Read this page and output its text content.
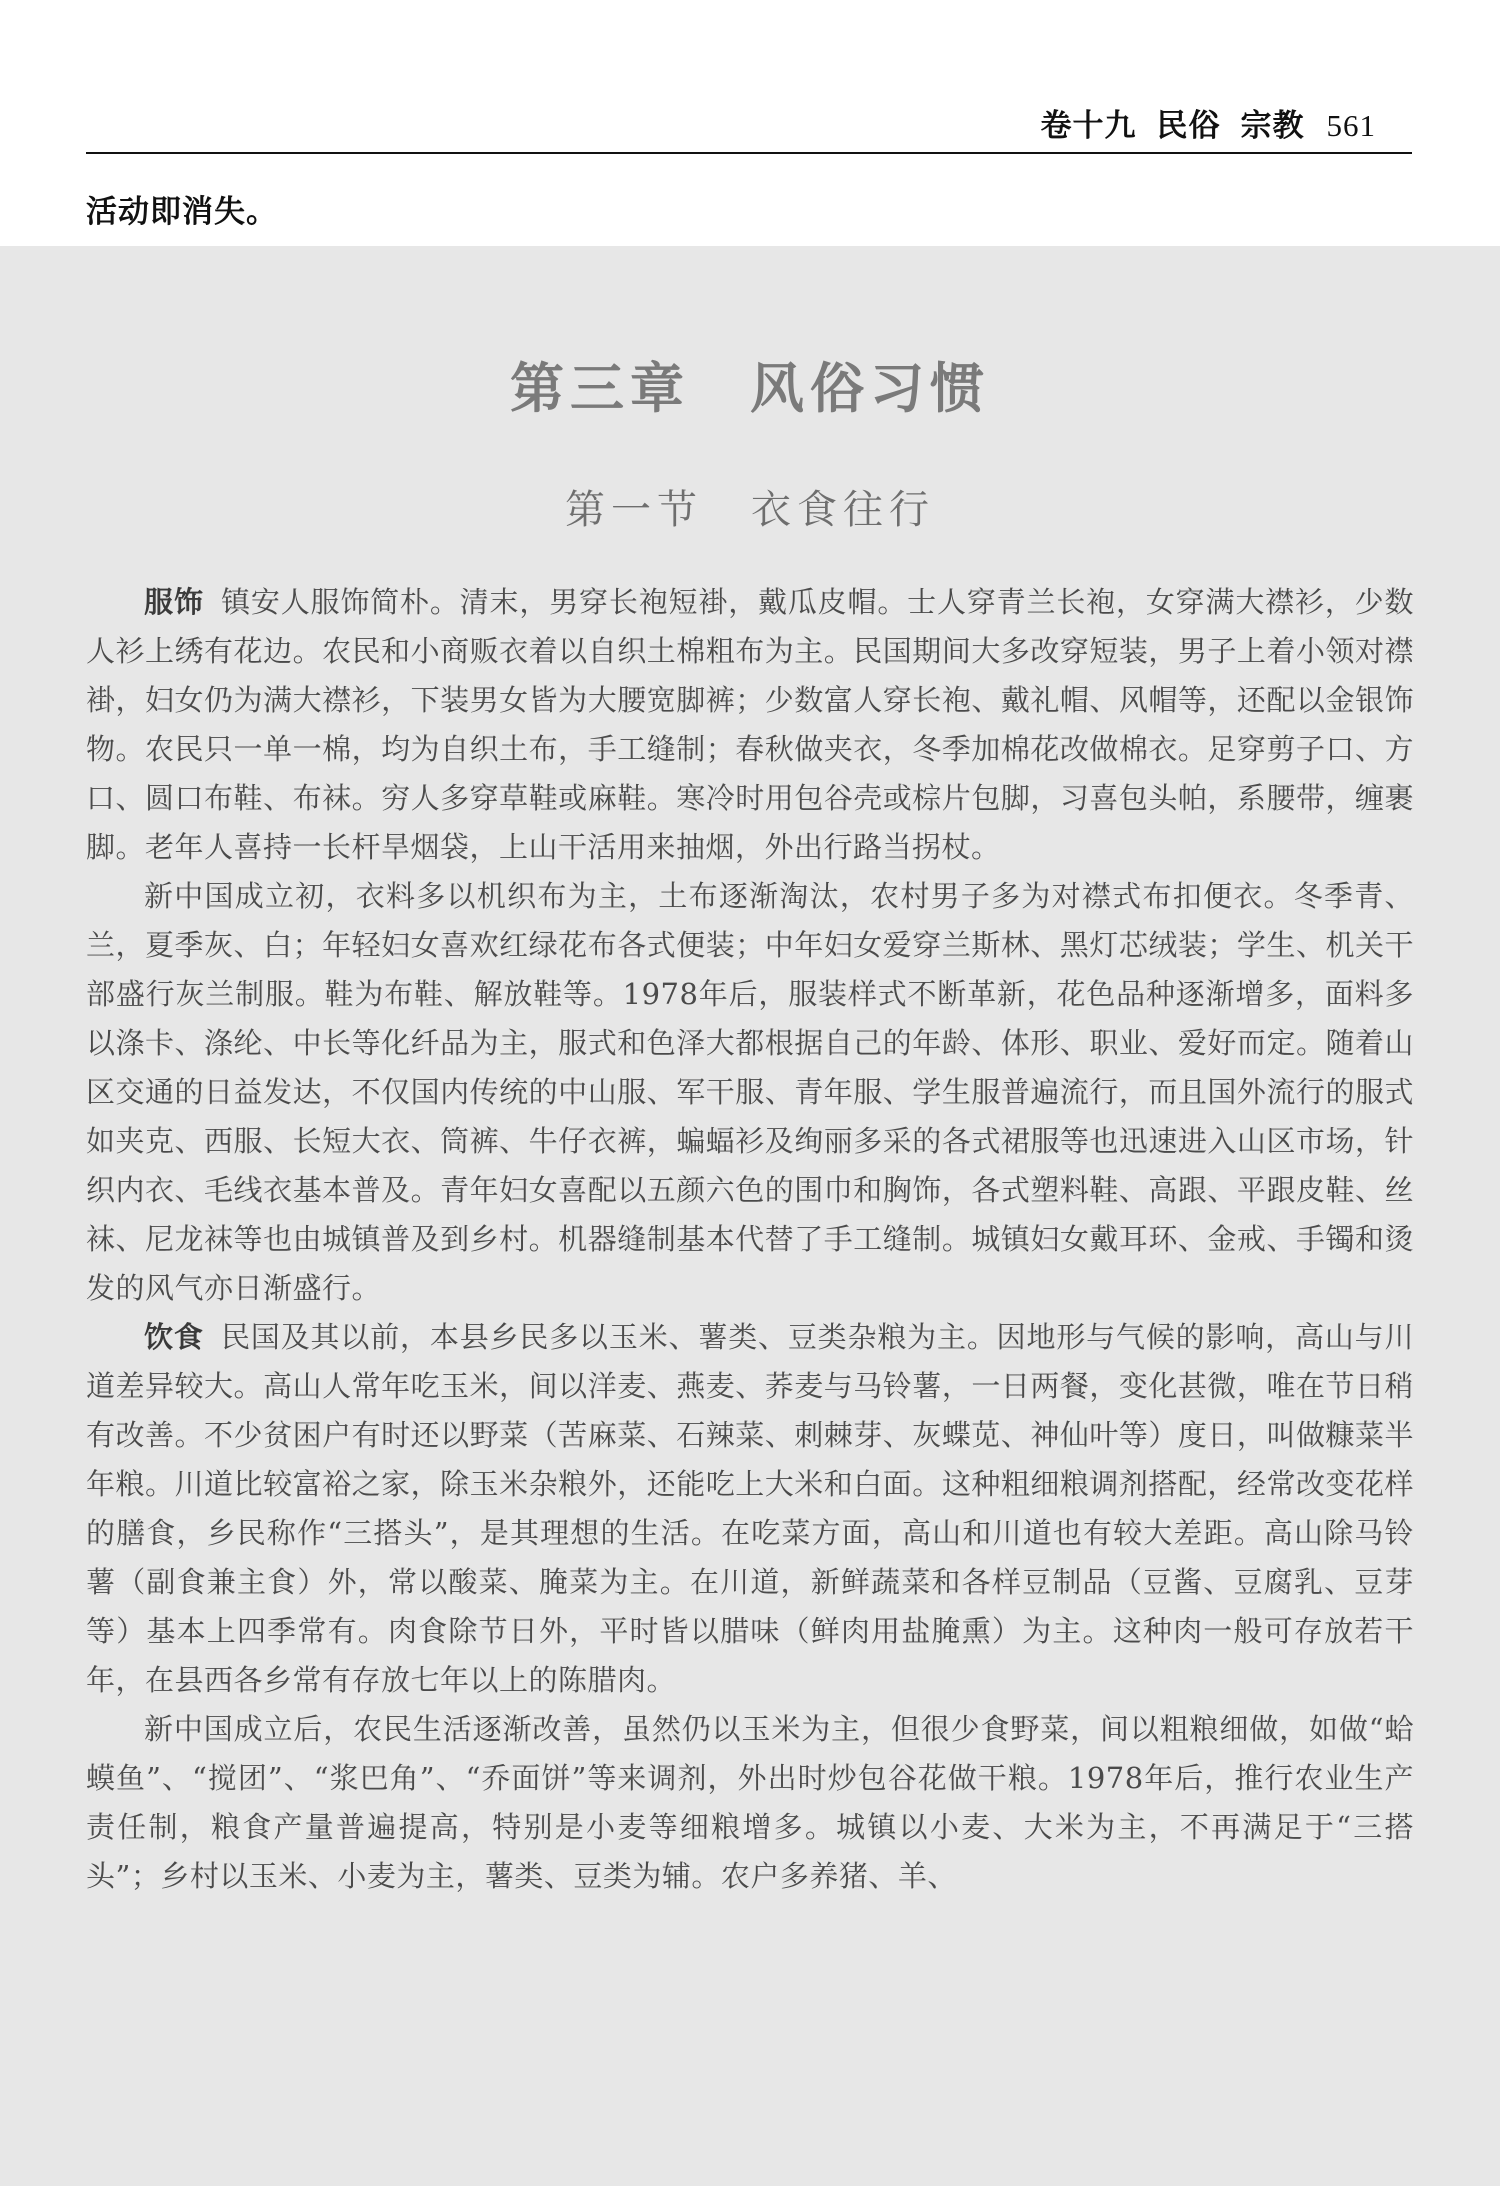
卷十九 民俗 宗教 561
活动即消失。
第三章 风俗习惯
第一节 衣食往行

服饰 镇安人服饰简朴。清末，男穿长袍短褂，戴瓜皮帽。士人穿青兰长袍，女穿满大襟衫，少数人衫上绣有花边。农民和小商贩衣着以自织土棉粗布为主。民国期间大多改穿短装，男子上着小领对襟褂，妇女仍为满大襟衫，下装男女皆为大腰宽脚裤；少数富人穿长袍、戴礼帽、风帽等，还配以金银饰物。农民只一单一棉，均为自织土布，手工缝制；春秋做夹衣，冬季加棉花改做棉衣。足穿剪子口、方口、圆口布鞋、布袜。穷人多穿草鞋或麻鞋。寒冷时用包谷壳或棕片包脚，习喜包头帕，系腰带，缠裹脚。老年人喜持一长杆旱烟袋，上山干活用来抽烟，外出行路当拐杖。

新中国成立初，衣料多以机织布为主，土布逐渐淘汰，农村男子多为对襟式布扣便衣。冬季青、兰，夏季灰、白；年轻妇女喜欢红绿花布各式便装；中年妇女爱穿兰斯林、黑灯芯绒装；学生、机关干部盛行灰兰制服。鞋为布鞋、解放鞋等。1978年后，服装样式不断革新，花色品种逐渐增多，面料多以涤卡、涤纶、中长等化纤品为主，服式和色泽大都根据自己的年龄、体形、职业、爱好而定。随着山区交通的日益发达，不仅国内传统的中山服、军干服、青年服、学生服普遍流行，而且国外流行的服式如夹克、西服、长短大衣、筒裤、牛仔衣裤，蝙蝠衫及绚丽多采的各式裙服等也迅速进入山区市场，针织内衣、毛线衣基本普及。青年妇女喜配以五颜六色的围巾和胸饰，各式塑料鞋、高跟、平跟皮鞋、丝袜、尼龙袜等也由城镇普及到乡村。机器缝制基本代替了手工缝制。城镇妇女戴耳环、金戒、手镯和烫发的风气亦日渐盛行。

饮食 民国及其以前，本县乡民多以玉米、薯类、豆类杂粮为主。因地形与气候的影响，高山与川道差异较大。高山人常年吃玉米，间以洋麦、燕麦、荞麦与马铃薯，一日两餐，变化甚微，唯在节日稍有改善。不少贫困户有时还以野菜（苦麻菜、石辣菜、刺棘芽、灰蝶苋、神仙叶等）度日，叫做糠菜半年粮。川道比较富裕之家，除玉米杂粮外，还能吃上大米和白面。这种粗细粮调剂搭配，经常改变花样的膳食，乡民称作“三搭头”，是其理想的生活。在吃菜方面，高山和川道也有较大差距。高山除马铃薯（副食兼主食）外，常以酸菜、腌菜为主。在川道，新鲜蔬菜和各样豆制品（豆酱、豆腐乳、豆芽等）基本上四季常有。肉食除节日外，平时皆以腊味（鲜肉用盐腌熏）为主。这种肉一般可存放若干年，在县西各乡常有存放七年以上的陈腊肉。

新中国成立后，农民生活逐渐改善，虽然仍以玉米为主，但很少食野菜，间以粗粮细做，如做“蛤蟆鱼”、“搅团”、“浆巴角”、“乔面饼”等来调剂，外出时炒包谷花做干粮。1978年后，推行农业生产责任制，粮食产量普遍提高，特别是小麦等细粮增多。城镇以小麦、大米为主，不再满足于“三搭头”；乡村以玉米、小麦为主，薯类、豆类为辅。农户多养猪、羊、
